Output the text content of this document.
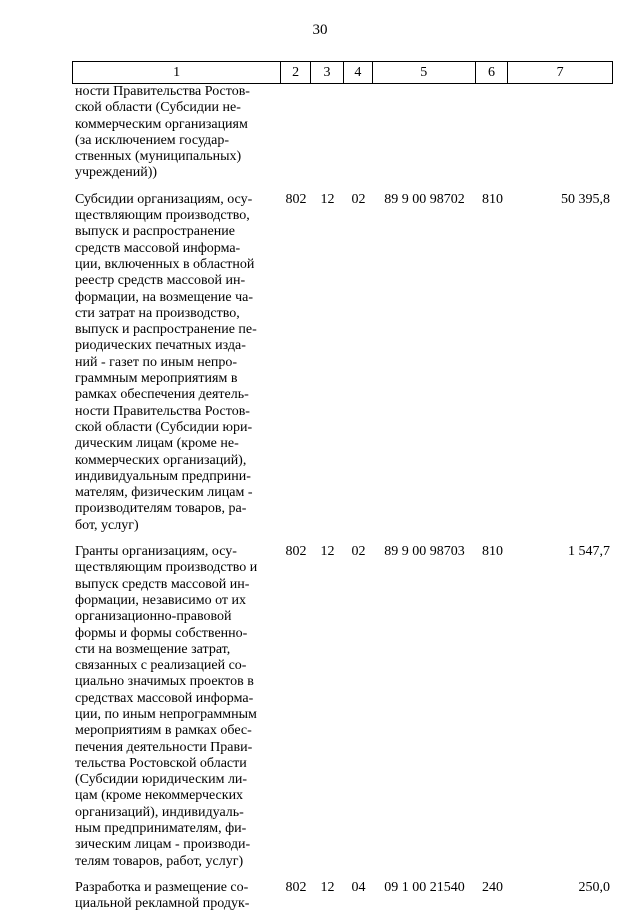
30
1	2	3	4	5	6	7
ности Правительства Ростов-
ской области (Субсидии не-
коммерческим организациям
(за исключением государ-
ственных (муниципальных)
учреждений))
Субсидии организациям, осу-
ществляющим производство,
выпуск и распространение
средств массовой информа-
ции, включенных в областной
реестр средств массовой ин-
формации, на возмещение ча-
сти затрат на производство,
выпуск и распространение пе-
риодических печатных изда-
ний - газет по иным непро-
граммным мероприятиям в
рамках обеспечения деятель-
ности Правительства Ростов-
ской области (Субсидии юри-
дическим лицам (кроме не-
коммерческих организаций),
индивидуальным предприни-
мателям, физическим лицам -
производителям товаров, ра-
бот, услуг)
802	12	02	89 9 00 98702	810	50 395,8
Гранты организациям, осу-
ществляющим производство и
выпуск средств массовой ин-
формации, независимо от их
организационно-правовой
формы и формы собственно-
сти на возмещение затрат,
связанных с реализацией со-
циально значимых проектов в
средствах массовой информа-
ции, по иным непрограммным
мероприятиям в рамках обес-
печения деятельности Прави-
тельства Ростовской области
(Субсидии юридическим ли-
цам (кроме некоммерческих
организаций), индивидуаль-
ным предпринимателям, фи-
зическим лицам - производи-
телям товаров, работ, услуг)
802	12	02	89 9 00 98703	810	1 547,7
Разработка и размещение со-
циальной рекламной продук-
802	12	04	09 1 00 21540	240	250,0
